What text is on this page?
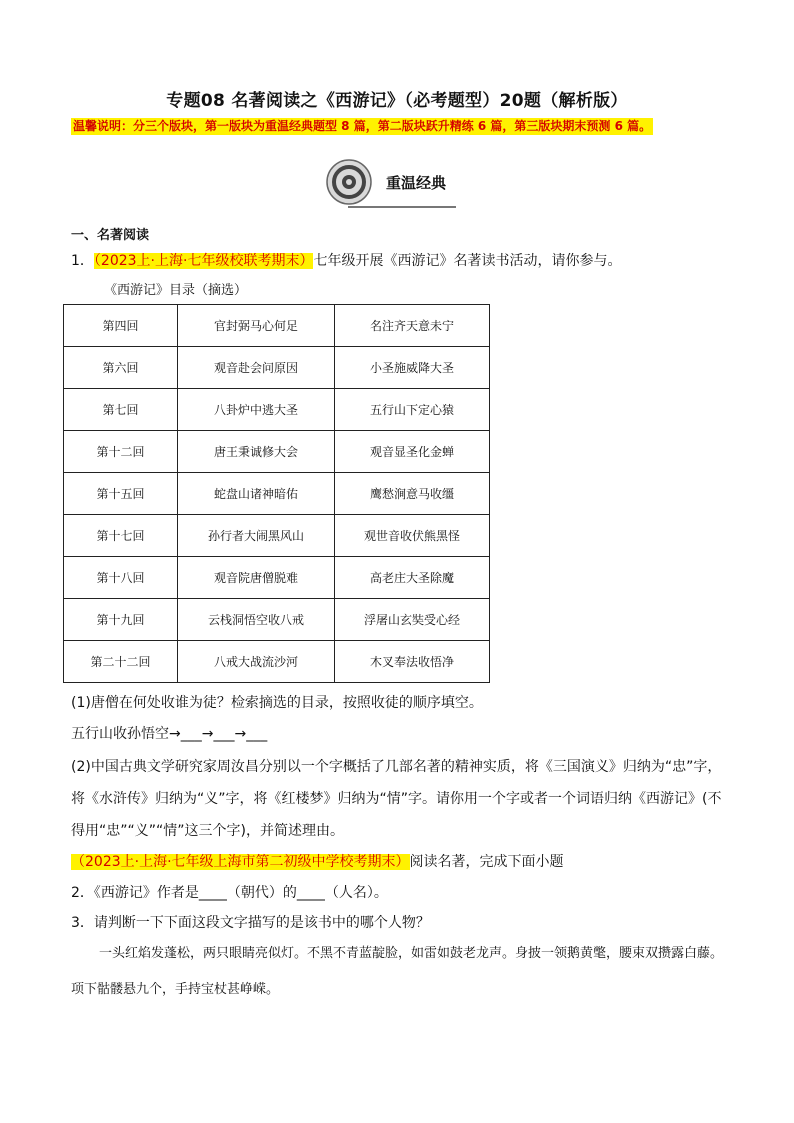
专题08 名著阅读之《西游记》（必考题型）20题（解析版）
温馨说明：分三个版块，第一版块为重温经典题型 8 篇，第二版块跃升精练 6 篇，第三版块期末预测 6 篇。
重温经典
一、名著阅读
1．（2023上·上海·七年级校联考期末）七年级开展《西游记》名著读书活动，请你参与。
《西游记》目录（摘选）
第四回	官封弼马心何足	名注齐天意未宁
第六回	观音赴会问原因	小圣施威降大圣
第七回	八卦炉中逃大圣	五行山下定心猿
第十二回	唐王秉诚修大会	观音显圣化金蝉
第十五回	蛇盘山诸神暗佑	鹰愁涧意马收缰
第十七回	孙行者大闹黑风山	观世音收伏熊黑怪
第十八回	观音院唐僧脱难	高老庄大圣除魔
第十九回	云栈洞悟空收八戒	浮屠山玄奘受心经
第二十二回	八戒大战流沙河	木叉奉法收悟净
(1)唐僧在何处收谁为徒？检索摘选的目录，按照收徒的顺序填空。
五行山收孙悟空→___→___→___
(2)中国古典文学研究家周汝昌分别以一个字概括了几部名著的精神实质，将《三国演义》归纳为“忠”字，
将《水浒传》归纳为“义”字，将《红楼梦》归纳为“情”字。请你用一个字或者一个词语归纳《西游记》(不
得用“忠”“义”“情”这三个字)，并简述理由。
（2023上·上海·七年级上海市第二初级中学校考期末）阅读名著，完成下面小题
2．《西游记》作者是____（朝代）的____（人名）。
3．请判断一下下面这段文字描写的是该书中的哪个人物？
一头红焰发蓬松，两只眼睛亮似灯。不黑不青蓝靛脸，如雷如鼓老龙声。身披一领鹅黄氅，腰束双攒露白藤。项下骷髅悬九个，手持宝杖甚峥嵘。
